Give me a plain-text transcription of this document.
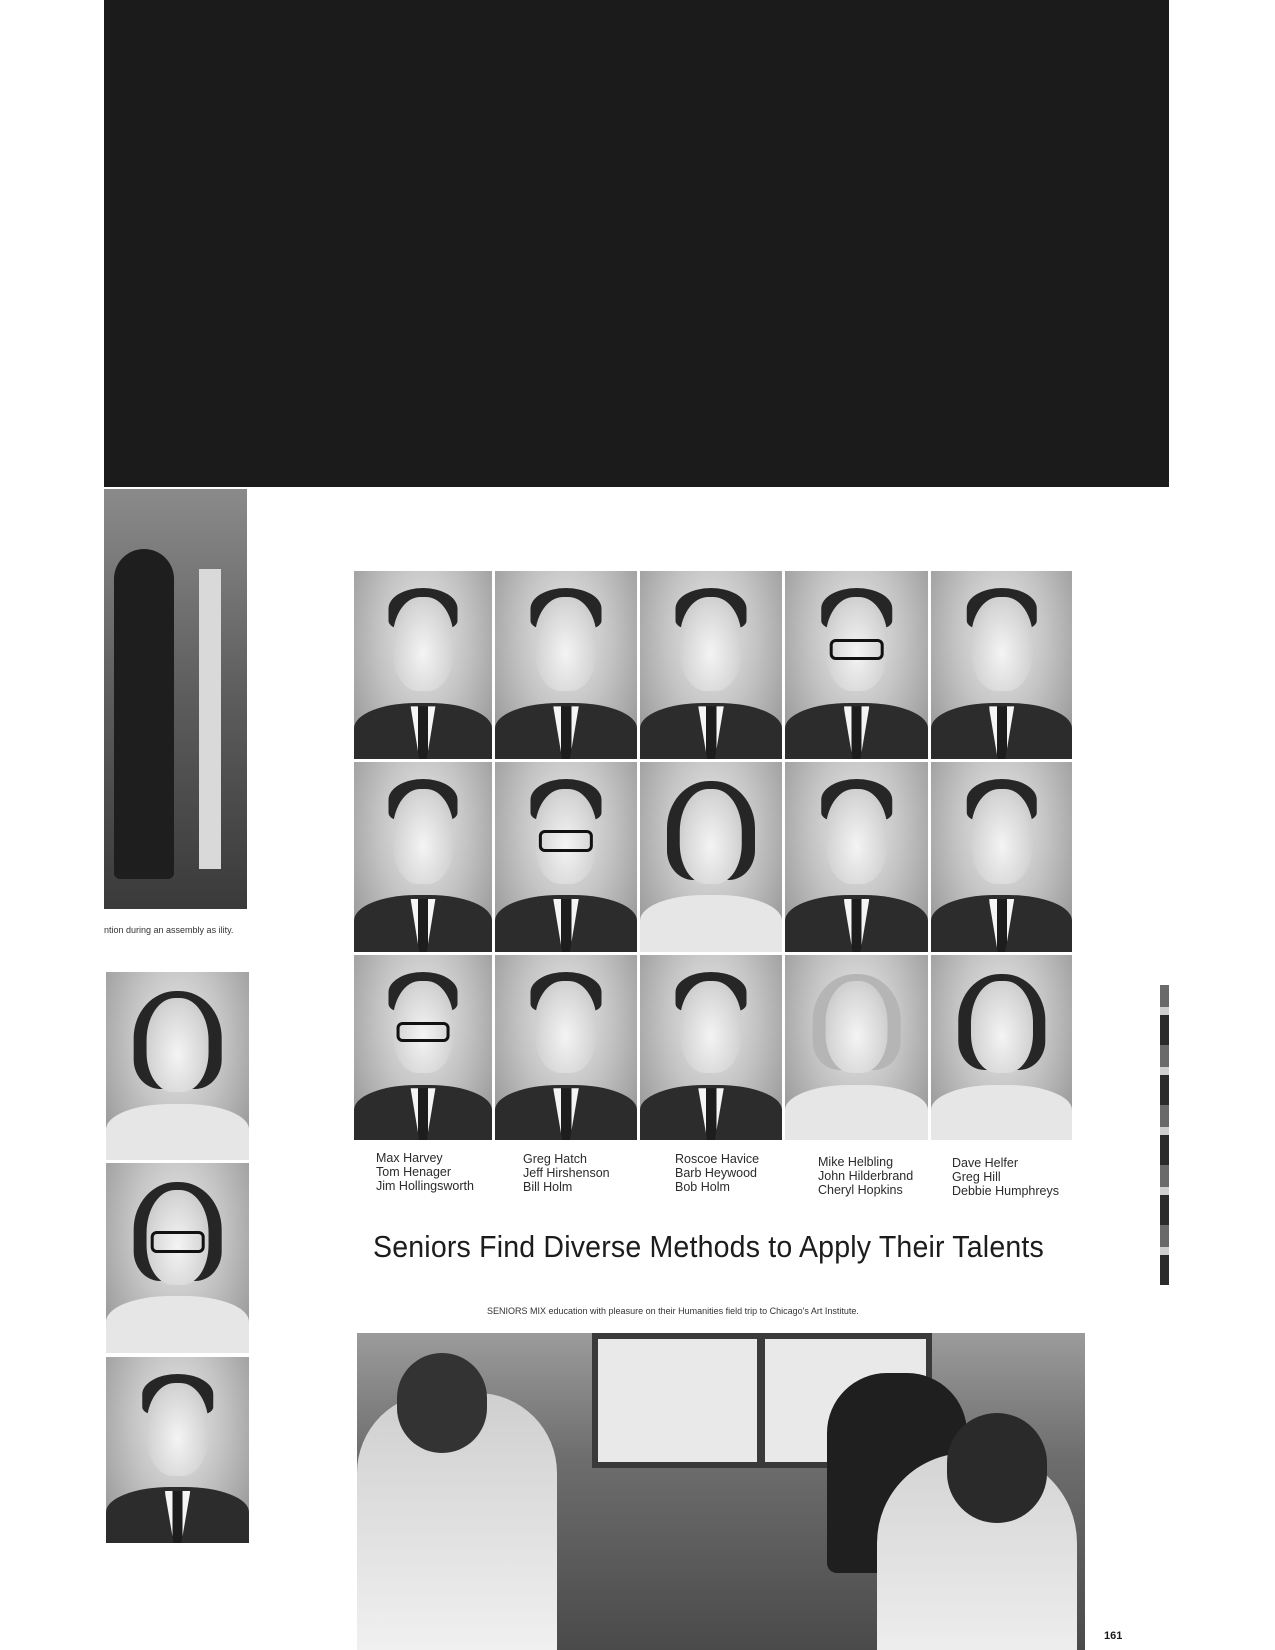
ntion during an assembly as ility.
Max Harvey
Tom Henager
Jim Hollingsworth
Greg Hatch
Jeff Hirshenson
Bill Holm
Roscoe Havice
Barb Heywood
Bob Holm
Mike Helbling
John Hilderbrand
Cheryl Hopkins
Dave Helfer
Greg Hill
Debbie Humphreys
Seniors Find Diverse Methods to Apply Their Talents
SENIORS MIX education with pleasure on their Humanities field trip to Chicago's Art Institute.
161
